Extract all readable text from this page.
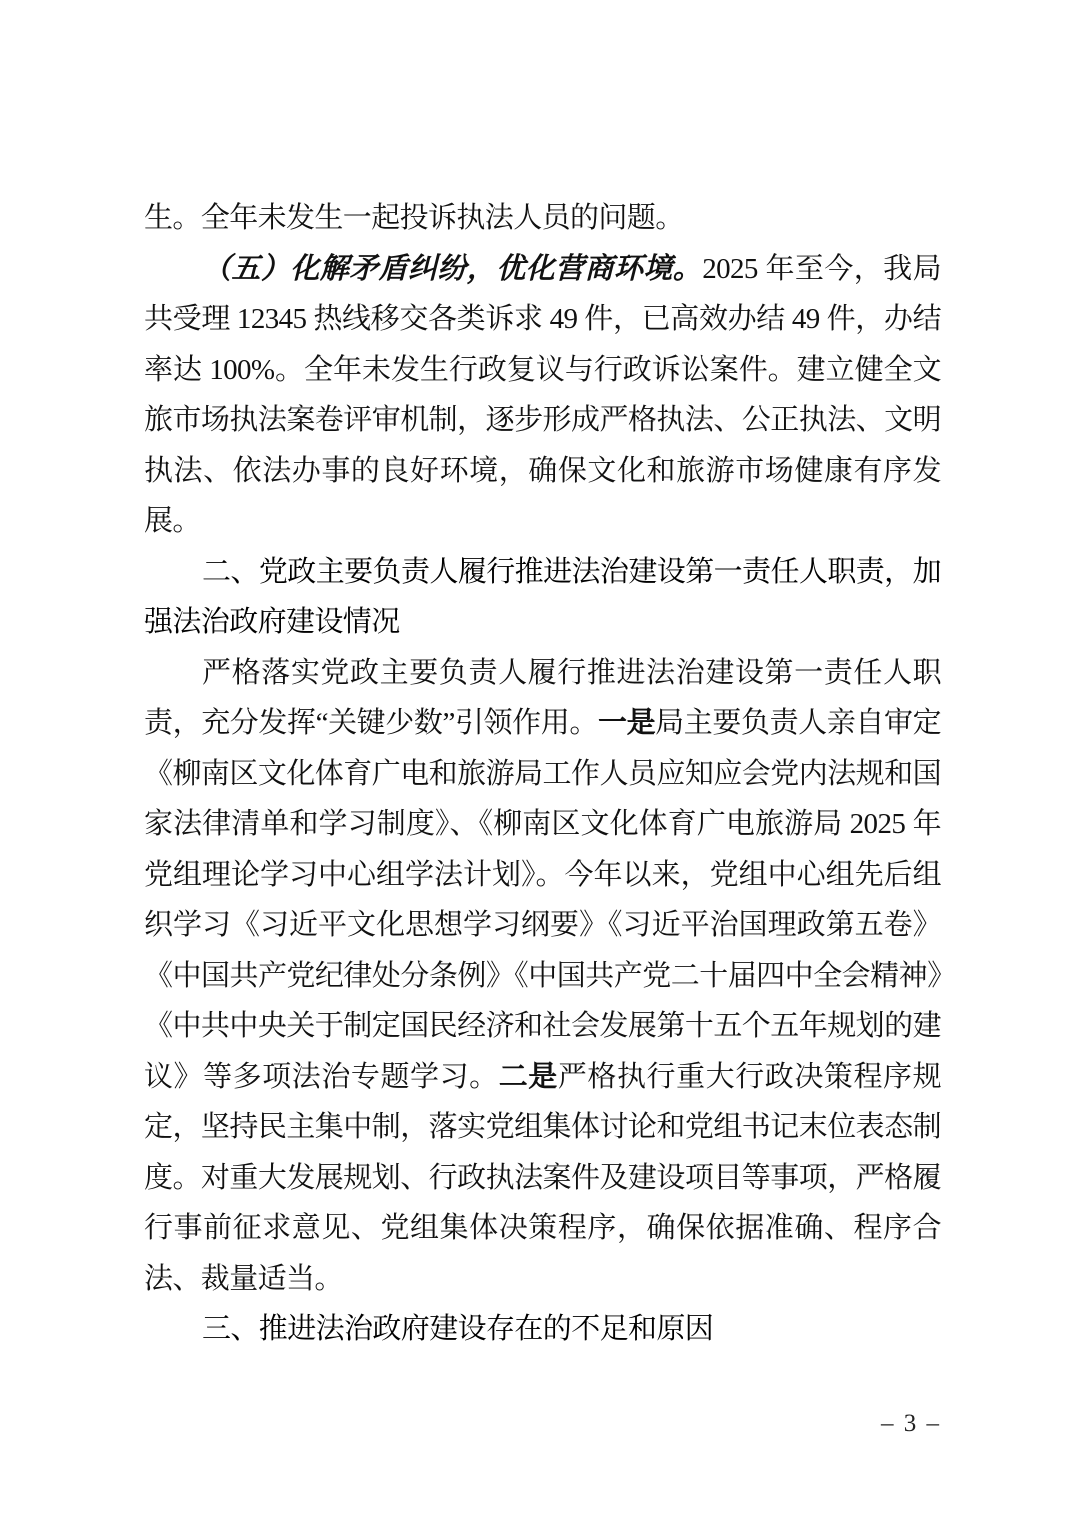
生。全年未发生一起投诉执法人员的问题。

（五）化解矛盾纠纷，优化营商环境。2025 年至今，我局共受理 12345 热线移交各类诉求 49 件，已高效办结 49 件，办结率达 100%。全年未发生行政复议与行政诉讼案件。建立健全文旅市场执法案卷评审机制，逐步形成严格执法、公正执法、文明执法、依法办事的良好环境，确保文化和旅游市场健康有序发展。

二、党政主要负责人履行推进法治建设第一责任人职责，加强法治政府建设情况

严格落实党政主要负责人履行推进法治建设第一责任人职责，充分发挥“关键少数”引领作用。一是局主要负责人亲自审定《柳南区文化体育广电和旅游局工作人员应知应会党内法规和国家法律清单和学习制度》、《柳南区文化体育广电旅游局 2025 年党组理论学习中心组学法计划》。今年以来，党组中心组先后组织学习《习近平文化思想学习纲要》《习近平治国理政第五卷》《中国共产党纪律处分条例》《中国共产党二十届四中全会精神》《中共中央关于制定国民经济和社会发展第十五个五年规划的建议》等多项法治专题学习。二是严格执行重大行政决策程序规定，坚持民主集中制，落实党组集体讨论和党组书记末位表态制度。对重大发展规划、行政执法案件及建设项目等事项，严格履行事前征求意见、党组集体决策程序，确保依据准确、程序合法、裁量适当。

三、推进法治政府建设存在的不足和原因

– 3 –
